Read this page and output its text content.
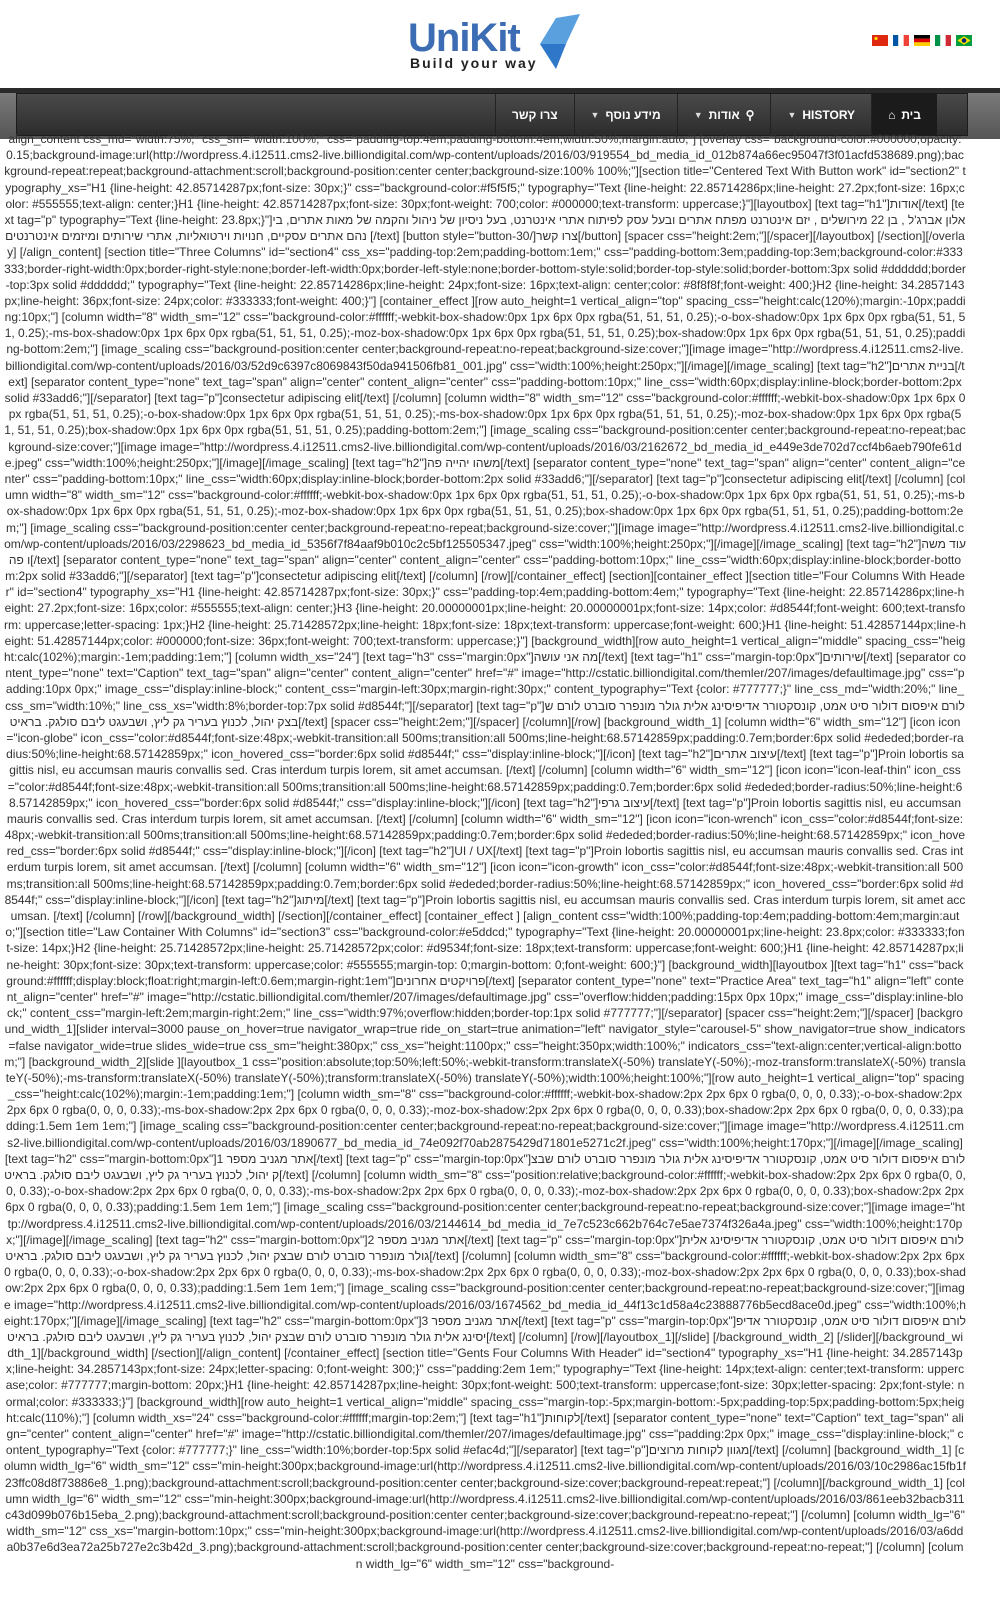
UniKit
Build your way
⌂ בית
▼ HISTORY
▼ אודות ⚲
▼ מידע נוסף
צרו קשר
align_content css_md="width:75%;" css_sm="width:100%;" css="padding-top:4em;padding-bottom:4em;width:50%;margin:auto;"] [overlay css="background-color:#000000;opacity:0.15;background-image:url(http://wordpress.4.i12511.cms2-live.billiondigital.com/wp-content/uploads/2016/03/919554_bd_media_id_012b874a66ec95047f3f01acfd538689.png);background-repeat:repeat;background-attachment:scroll;background-position:center center;background-size:100% 100%;"][section title="Centered Text With Button work" id="section2" typography_xs="H1 {line-height: 42.85714287px;font-size: 30px;}" css="background-color:#f5f5f5;" typography="Text {line-height: 22.85714286px;line-height: 27.2px;font-size: 16px;color: #555555;text-align: center;}H1 {line-height: 42.85714287px;font-size: 30px;font-weight: 700;color: #000000;text-transform: uppercase;}"][layoutbox] [text tag="h1"]אודות[/text] [text tag="p" typography="Text {line-height: 23.8px;}"]אלון אברג'ל , בן 22 מירושלים , יזם אינטרנט מפתח אתרים ובעל עסק לפיתוח אתרי אינטרנט, בעל ניסיון של ניהול והקמה של מאות אתרים, בינהם אתרים עסקיים, חנויות וירטואליות, אתרי שירותים ומיזמים אינטרנטים [/text] [button style="button-30/]צרו קשר[/button] [spacer css="height:2em;"][/spacer][/layoutbox] [/section][/overlay] [/align_content] [section title="Three Columns" id="section4" css_xs="padding-top:2em;padding-bottom:1em;" css="padding-bottom:3em;padding-top:3em;background-color:#333333;border-right-width:0px;border-right-style:none;border-left-width:0px;border-left-style:none;border-bottom-style:solid;border-top-style:solid;border-bottom:3px solid #dddddd;border-top:3px solid #dddddd;" typography="Text {line-height: 22.85714286px;line-height: 24px;font-size: 16px;text-align: center;color: #8f8f8f;font-weight: 400;}H2 {line-height: 34.2857143px;line-height: 36px;font-size: 24px;color: #333333;font-weight: 400;}"] [container_effect ][row auto_height=1 vertical_align="top" spacing_css="height:calc(120%);margin:-10px;padding:10px;"] [column width="8" width_sm="12" css="background-color:#ffffff;-webkit-box-shadow:0px 1px 6px 0px rgba(51, 51, 51, 0.25);-o-box-shadow:0px 1px 6px 0px rgba(51, 51, 51, 0.25);-ms-box-shadow:0px 1px 6px 0px rgba(51, 51, 51, 0.25);-moz-box-shadow:0px 1px 6px 0px rgba(51, 51, 51, 0.25);box-shadow:0px 1px 6px 0px rgba(51, 51, 51, 0.25);padding-bottom:2em;"] [image_scaling css="background-position:center center;background-repeat:no-repeat;background-size:cover;"][image image="http://wordpress.4.i12511.cms2-live.billiondigital.com/wp-content/uploads/2016/03/52d9c6397c8069843f50da941506fb81_001.jpg" css="width:100%;height:250px;"][/image][/image_scaling] [text tag="h2"]בניית אתרים[/text] [separator content_type="none" text_tag="span" align="center" content_align="center" css="padding-bottom:10px;" line_css="width:60px;display:inline-block;border-bottom:2px solid #33add6;"][/separator] [text tag="p"]consectetur adipiscing elit[/text] [/column] [column width="8" width_sm="12" css="background-color:#ffffff;-webkit-box-shadow:0px 1px 6px 0px rgba(51, 51, 51, 0.25);-o-box-shadow:0px 1px 6px 0px rgba(51, 51, 51, 0.25);-ms-box-shadow:0px 1px 6px 0px rgba(51, 51, 51, 0.25);-moz-box-shadow:0px 1px 6px 0px rgba(51, 51, 51, 0.25);box-shadow:0px 1px 6px 0px rgba(51, 51, 51, 0.25);padding-bottom:2em;"] [image_scaling css="background-position:center center;background-repeat:no-repeat;background-size:cover;"][image image="http://wordpress.4.i12511.cms2-live.billiondigital.com/wp-content/uploads/2016/03/2162672_bd_media_id_e449e3de702d7ccf4b6aeb790fe61de.jpeg" css="width:100%;height:250px;"][/image][/image_scaling] [text tag="h2"]משהו יהייה פה[/text] [separator content_type="none" text_tag="span" align="center" content_align="center" css="padding-bottom:10px;" line_css="width:60px;display:inline-block;border-bottom:2px solid #33add6;"][/separator] [text tag="p"]consectetur adipiscing elit[/text] [/column] [column width="8" width_sm="12" css="background-color:#ffffff;-webkit-box-shadow:0px 1px 6px 0px rgba(51, 51, 51, 0.25);-o-box-shadow:0px 1px 6px 0px rgba(51, 51, 51, 0.25);-ms-box-shadow:0px 1px 6px 0px rgba(51, 51, 51, 0.25);-moz-box-shadow:0px 1px 6px 0px rgba(51, 51, 51, 0.25);box-shadow:0px 1px 6px 0px rgba(51, 51, 51, 0.25);padding-bottom:2em;"] [image_scaling css="background-position:center center;background-repeat:no-repeat;background-size:cover;"][image image="http://wordpress.4.i12511.cms2-live.billiondigital.com/wp-content/uploads/2016/03/2298623_bd_media_id_5356f7f84aaf9b010c2c5bf125505347.jpeg" css="width:100%;height:250px;"][/image][/image_scaling] [text tag="h2"]עוד משהו פה[/text] [separator content_type="none" text_tag="span" align="center" content_align="center" css="padding-bottom:10px;" line_css="width:60px;display:inline-block;border-bottom:2px solid #33add6;"][/separator] [text tag="p"]consectetur adipiscing elit[/text] [/column] [/row][/container_effect] [section][container_effect ][section title="Four Columns With Header" id="section4" typography_xs="H1 {line-height: 42.85714287px;font-size: 30px;}" css="padding-top:4em;padding-bottom:4em;" typography="Text {line-height: 22.85714286px;line-height: 27.2px;font-size: 16px;color: #555555;text-align: center;}H3 {line-height: 20.00000001px;line-height: 20.00000001px;font-size: 14px;color: #d8544f;font-weight: 600;text-transform: uppercase;letter-spacing: 1px;}H2 {line-height: 25.71428572px;line-height: 18px;font-size: 18px;text-transform: uppercase;font-weight: 600;}H1 {line-height: 51.42857144px;line-height: 51.42857144px;color: #000000;font-size: 36px;font-weight: 700;text-transform: uppercase;}"] [background_width][row auto_height=1 vertical_align="middle" spacing_css="height:calc(102%);margin:-1em;padding:1em;"] [column width_xs="24"] [text tag="h3" css="margin:0px"]מה אני עושה[/text] [text tag="h1" css="margin-top:0px"]שירותים[/text] [separator content_type="none" text="Caption" text_tag="span" align="center" content_align="center" href="#" image="http://cstatic.billiondigital.com/themler/207/images/defaultimage.jpg" css="padding:10px 0px;" image_css="display:inline-block;" content_css="margin-left:30px;margin-right:30px;" content_typography="Text {color: #777777;}" line_css_md="width:20%;" line_css_sm="width:10%;" line_css_xs="width:8%;border-top:7px solid #d8544f;"][/separator] [text tag="p"]לורם איפסום דולור סיט אמט, קונסקטורר אדיפיסינג אלית גולר מונפרר סוברט לורם שבצק יהול, לכנוץ בעריר גק ליץ, ושבעגט ליבם סולגק. בראיט[/text] [spacer css="height:2em;"][/spacer] [/column][/row] [background_width_1] [column width="6" width_sm="12"] [icon icon="icon-globe" icon_css="color:#d8544f;font-size:48px;-webkit-transition:all 500ms;transition:all 500ms;line-height:68.57142859px;padding:0.7em;border:6px solid #ededed;border-radius:50%;line-height:68.57142859px;" icon_hovered_css="border:6px solid #d8544f;" css="display:inline-block;"][/icon] [text tag="h2"]עיצוב אתרים[/text] [text tag="p"]Proin lobortis sagittis nisl, eu accumsan mauris convallis sed. Cras interdum turpis lorem, sit amet accumsan. [/text] [/column] [column width="6" width_sm="12"] [icon icon="icon-leaf-thin" icon_css="color:#d8544f;font-size:48px;-webkit-transition:all 500ms;transition:all 500ms;line-height:68.57142859px;padding:0.7em;border:6px solid #ededed;border-radius:50%;line-height:68.57142859px;" icon_hovered_css="border:6px solid #d8544f;" css="display:inline-block;"][/icon] [text tag="h2"]עיצוב גרפי[/text] [text tag="p"]Proin lobortis sagittis nisl, eu accumsan mauris convallis sed. Cras interdum turpis lorem, sit amet accumsan. [/text] [/column] [column width="6" width_sm="12"] [icon icon="icon-wrench" icon_css="color:#d8544f;font-size:48px;-webkit-transition:all 500ms;transition:all 500ms;line-height:68.57142859px;padding:0.7em;border:6px solid #ededed;border-radius:50%;line-height:68.57142859px;" icon_hovered_css="border:6px solid #d8544f;" css="display:inline-block;"][/icon] [text tag="h2"]UI / UX[/text] [text tag="p"]Proin lobortis sagittis nisl, eu accumsan mauris convallis sed. Cras interdum turpis lorem, sit amet accumsan. [/text] [/column] [column width="6" width_sm="12"] [icon icon="icon-growth" icon_css="color:#d8544f;font-size:48px;-webkit-transition:all 500ms;transition:all 500ms;line-height:68.57142859px;padding:0.7em;border:6px solid #ededed;border-radius:50%;line-height:68.57142859px;" icon_hovered_css="border:6px solid #d8544f;" css="display:inline-block;"][/icon] [text tag="h2"]מיתוג[/text] [text tag="p"]Proin lobortis sagittis nisl, eu accumsan mauris convallis sed. Cras interdum turpis lorem, sit amet accumsan. [/text] [/column] [/row][/background_width] [/section][/container_effect] [container_effect ] [align_content css="width:100%;padding-top:4em;padding-bottom:4em;margin:auto;"][section title="Law Container With Columns" id="section3" css="background-color:#e5ddcd;" typography="Text {line-height: 20.00000001px;line-height: 23.8px;color: #333333;font-size: 14px;}H2 {line-height: 25.71428572px;line-height: 25.71428572px;color: #d9534f;font-size: 18px;text-transform: uppercase;font-weight: 600;}H1 {line-height: 42.85714287px;line-height: 30px;font-size: 30px;text-transform: uppercase;color: #555555;margin-top: 0;margin-bottom: 0;font-weight: 600;}"] [background_width][layoutbox ][text tag="h1" css="background:#ffffff;display:block;float:right;margin-left:0.6em;margin-right:1em"]פרויקטים אחרונים[/text] [separator content_type="none" text="Practice Area" text_tag="h1" align="left" content_align="center" href="#" image="http://cstatic.billiondigital.com/themler/207/images/defaultimage.jpg" css="overflow:hidden;padding:15px 0px 10px;" image_css="display:inline-block;" content_css="margin-left:2em;margin-right:2em;" line_css="width:97%;overflow:hidden;border-top:1px solid #777777;"][/separator] [spacer css="height:2em;"][/spacer] [background_width_1][slider interval=3000 pause_on_hover=true navigator_wrap=true ride_on_start=true animation="left" navigator_style="carousel-5" show_navigator=true show_indicators=false navigator_wide=true slides_wide=true css_sm="height:380px;" css_xs="height:1100px;" css="height:350px;width:100%;" indicators_css="text-align:center;vertical-align:bottom;"] [background_width_2][slide ][layoutbox_1 css="position:absolute;top:50%;left:50%;-webkit-transform:translateX(-50%) translateY(-50%);-moz-transform:translateX(-50%) translateY(-50%);-ms-transform:translateX(-50%) translateY(-50%);transform:translateX(-50%) translateY(-50%);width:100%;height:100%;"][row auto_height=1 vertical_align="top" spacing_css="height:calc(102%);margin:-1em;padding:1em;"] [column width_sm="8" css="background-color:#ffffff;-webkit-box-shadow:2px 2px 6px 0 rgba(0, 0, 0, 0.33);-o-box-shadow:2px 2px 6px 0 rgba(0, 0, 0, 0.33);-ms-box-shadow:2px 2px 6px 0 rgba(0, 0, 0, 0.33);-moz-box-shadow:2px 2px 6px 0 rgba(0, 0, 0, 0.33);box-shadow:2px 2px 6px 0 rgba(0, 0, 0, 0.33);padding:1.5em 1em 1em;"] [image_scaling css="background-position:center center;background-repeat:no-repeat;background-size:cover;"][image image="http://wordpress.4.i12511.cms2-live.billiondigital.com/wp-content/uploads/2016/03/1890677_bd_media_id_74e092f70ab2875429d71801e5271c2f.jpeg" css="width:100%;height:170px;"][/image][/image_scaling] [text tag="h2" css="margin-bottom:0px"]אתר מגניב מספר 1[/text] [text tag="p" css="margin-top:0px"]לורם איפסום דולור סיט אמט, קונסקטורר אדיפיסינג אלית גולר מונפרר סוברט לורם שבצק יהול, לכנוץ בעריר גק ליץ, ושבעגט ליבם סולגק. בראיט[/text] [/column] [column width_sm="8" css="position:relative;background-color:#ffffff;-webkit-box-shadow:2px 2px 6px 0 rgba(0, 0, 0, 0.33);-o-box-shadow:2px 2px 6px 0 rgba(0, 0, 0, 0.33);-ms-box-shadow:2px 2px 6px 0 rgba(0, 0, 0, 0.33);-moz-box-shadow:2px 2px 6px 0 rgba(0, 0, 0, 0.33);box-shadow:2px 2px 6px 0 rgba(0, 0, 0, 0.33);padding:1.5em 1em 1em;"] [image_scaling css="background-position:center center;background-repeat:no-repeat;background-size:cover;"][image image="http://wordpress.4.i12511.cms2-live.billiondigital.com/wp-content/uploads/2016/03/2144614_bd_media_id_7e7c523c662b764c7e5ae7374f326a4a.jpeg" css="width:100%;height:170px;"][/image][/image_scaling] [text tag="h2" css="margin-bottom:0px"]אתר מגניב מספר 2[/text] [text tag="p" css="margin-top:0px"]לורם איפסום דולור סיט אמט, קונסקטורר אדיפיסינג אלית גולר מונפרר סוברט לורם שבצק יהול, לכנוץ בעריר גק ליץ, ושבעגט ליבם סולגק. בראיט[/text] [/column] [column width_sm="8" css="background-color:#ffffff;-webkit-box-shadow:2px 2px 6px 0 rgba(0, 0, 0, 0.33);-o-box-shadow:2px 2px 6px 0 rgba(0, 0, 0, 0.33);-ms-box-shadow:2px 2px 6px 0 rgba(0, 0, 0, 0.33);-moz-box-shadow:2px 2px 6px 0 rgba(0, 0, 0, 0.33);box-shadow:2px 2px 6px 0 rgba(0, 0, 0, 0.33);padding:1.5em 1em 1em;"] [image_scaling css="background-position:center center;background-repeat:no-repeat;background-size:cover;"][image image="http://wordpress.4.i12511.cms2-live.billiondigital.com/wp-content/uploads/2016/03/1674562_bd_media_id_44f13c1d58a4c23888776b5ecd8ace0d.jpeg" css="width:100%;height:170px;"][/image][/image_scaling] [text tag="h2" css="margin-bottom:0px"]אתר מגניב מספר 3[/text] [text tag="p" css="margin-top:0px"]לורם איפסום דולור סיט אמט, קונסקטורר אדיפיסינג אלית גולר מונפרר סוברט לורם שבצק יהול, לכנוץ בעריר גק ליץ, ושבעגט ליבם סולגק. בראיט[/text] [/column] [/row][/layoutbox_1][/slide] [/background_width_2] [/slider][/background_width_1][/background_width] [/section][/align_content] [/container_effect] [section title="Gents Four Columns With Header" id="section4" typography_xs="H1 {line-height: 34.2857143px;line-height: 34.2857143px;font-size: 24px;letter-spacing: 0;font-weight: 300;}" css="padding:2em 1em;" typography="Text {line-height: 14px;text-align: center;text-transform: uppercase;color: #777777;margin-bottom: 20px;}H1 {line-height: 42.85714287px;line-height: 30px;font-weight: 500;text-transform: uppercase;font-size: 30px;letter-spacing: 2px;font-style: normal;color: #333333;}"] [background_width][row auto_height=1 vertical_align="middle" spacing_css="margin-top:-5px;margin-bottom:-5px;padding-top:5px;padding-bottom:5px;height:calc(110%);"] [column width_xs="24" css="background-color:#ffffff;margin-top:2em;"] [text tag="h1"]לקוחות[/text] [separator content_type="none" text="Caption" text_tag="span" align="center" content_align="center" href="#" image="http://cstatic.billiondigital.com/themler/207/images/defaultimage.jpg" css="padding:2px 0px;" image_css="display:inline-block;" content_typography="Text {color: #777777;}" line_css="width:10%;border-top:5px solid #efac4d;"][/separator] [text tag="p"]מגוון לקוחות מרוצים[/text] [/column] [background_width_1] [column width_lg="6" width_sm="12" css="min-height:300px;background-image:url(http://wordpress.4.i12511.cms2-live.billiondigital.com/wp-content/uploads/2016/03/10c2986ac15fb1f23ffc08d8f73886e8_1.png);background-attachment:scroll;background-position:center center;background-size:cover;background-repeat:repeat;"] [/column][/background_width_1] [column width_lg="6" width_sm="12" css="min-height:300px;background-image:url(http://wordpress.4.i12511.cms2-live.billiondigital.com/wp-content/uploads/2016/03/861eeb32bacb311c43d099b076b15eba_2.png);background-attachment:scroll;background-position:center center;background-size:cover;background-repeat:no-repeat;"] [/column] [column width_lg="6" width_sm="12" css_xs="margin-bottom:10px;" css="min-height:300px;background-image:url(http://wordpress.4.i12511.cms2-live.billiondigital.com/wp-content/uploads/2016/03/a6dda0b37e6d3ea72a25b727e2c3b42d_3.png);background-attachment:scroll;background-position:center center;background-size:cover;background-repeat:no-repeat;"] [/column] [column width_lg="6" width_sm="12" css="background-
